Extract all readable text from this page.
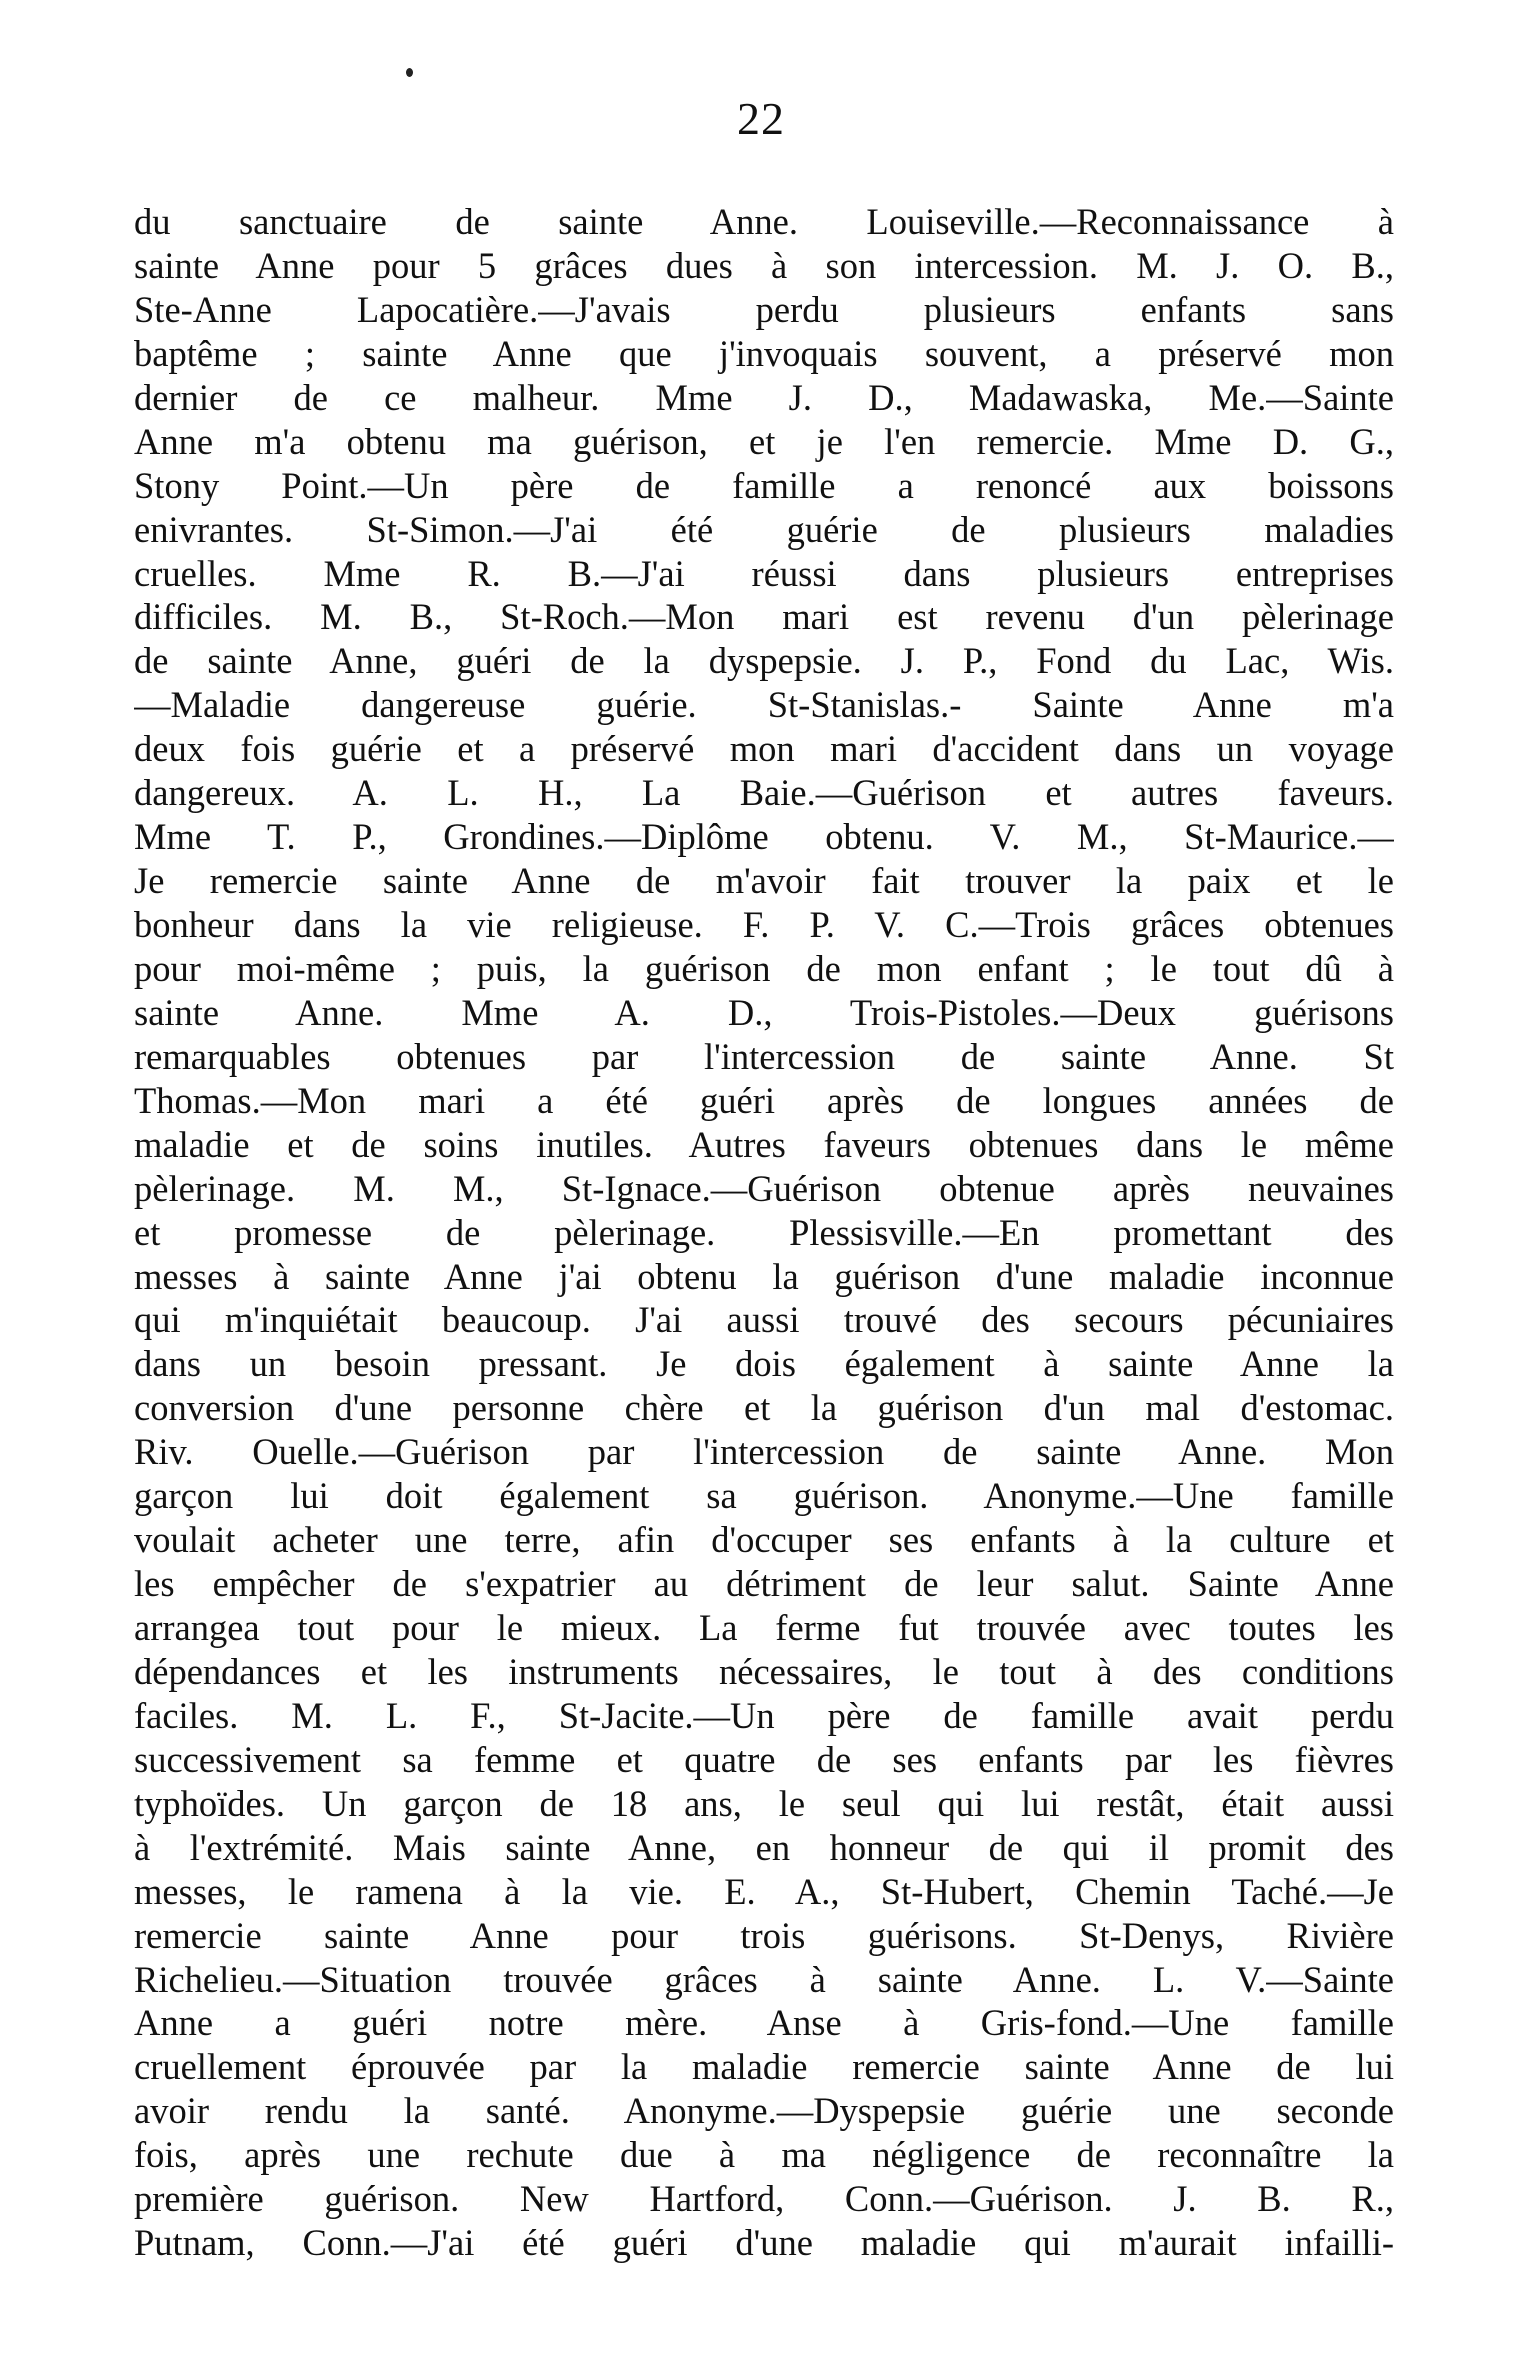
22
du sanctuaire de sainte Anne. Louiseville.—Reconnaissance à
sainte Anne pour 5 grâces dues à son intercession. M. J. O. B.,
Ste-Anne Lapocatière.—J'avais perdu plusieurs enfants sans
baptême ; sainte Anne que j'invoquais souvent, a préservé mon
dernier de ce malheur. Mme J. D., Madawaska, Me.—Sainte
Anne m'a obtenu ma guérison, et je l'en remercie. Mme D. G.,
Stony Point.—Un père de famille a renoncé aux boissons
enivrantes. St-Simon.—J'ai été guérie de plusieurs maladies
cruelles. Mme R. B.—J'ai réussi dans plusieurs entreprises
difficiles. M. B., St-Roch.—Mon mari est revenu d'un pèlerinage
de sainte Anne, guéri de la dyspepsie. J. P., Fond du Lac, Wis.
—Maladie dangereuse guérie. St-Stanislas.- Sainte Anne m'a
deux fois guérie et a préservé mon mari d'accident dans un voyage
dangereux. A. L. H., La Baie.—Guérison et autres faveurs.
Mme T. P., Grondines.—Diplôme obtenu. V. M., St-Maurice.—
Je remercie sainte Anne de m'avoir fait trouver la paix et le
bonheur dans la vie religieuse. F. P. V. C.—Trois grâces obtenues
pour moi-même ; puis, la guérison de mon enfant ; le tout dû à
sainte Anne. Mme A. D., Trois-Pistoles.—Deux guérisons
remarquables obtenues par l'intercession de sainte Anne. St
Thomas.—Mon mari a été guéri après de longues années de
maladie et de soins inutiles. Autres faveurs obtenues dans le même
pèlerinage. M. M., St-Ignace.—Guérison obtenue après neuvaines
et promesse de pèlerinage. Plessisville.—En promettant des
messes à sainte Anne j'ai obtenu la guérison d'une maladie inconnue
qui m'inquiétait beaucoup. J'ai aussi trouvé des secours pécuniaires
dans un besoin pressant. Je dois également à sainte Anne la
conversion d'une personne chère et la guérison d'un mal d'estomac.
Riv. Ouelle.—Guérison par l'intercession de sainte Anne. Mon
garçon lui doit également sa guérison. Anonyme.—Une famille
voulait acheter une terre, afin d'occuper ses enfants à la culture et
les empêcher de s'expatrier au détriment de leur salut. Sainte Anne
arrangea tout pour le mieux. La ferme fut trouvée avec toutes les
dépendances et les instruments nécessaires, le tout à des conditions
faciles. M. L. F., St-Jacite.—Un père de famille avait perdu
successivement sa femme et quatre de ses enfants par les fièvres
typhoïdes. Un garçon de 18 ans, le seul qui lui restât, était aussi
à l'extrémité. Mais sainte Anne, en honneur de qui il promit des
messes, le ramena à la vie. E. A., St-Hubert, Chemin Taché.—Je
remercie sainte Anne pour trois guérisons. St-Denys, Rivière
Richelieu.—Situation trouvée grâces à sainte Anne. L. V.—Sainte
Anne a guéri notre mère. Anse à Gris-fond.—Une famille
cruellement éprouvée par la maladie remercie sainte Anne de lui
avoir rendu la santé. Anonyme.—Dyspepsie guérie une seconde
fois, après une rechute due à ma négligence de reconnaître la
première guérison. New Hartford, Conn.—Guérison. J. B. R.,
Putnam, Conn.—J'ai été guéri d'une maladie qui m'aurait infailli-
